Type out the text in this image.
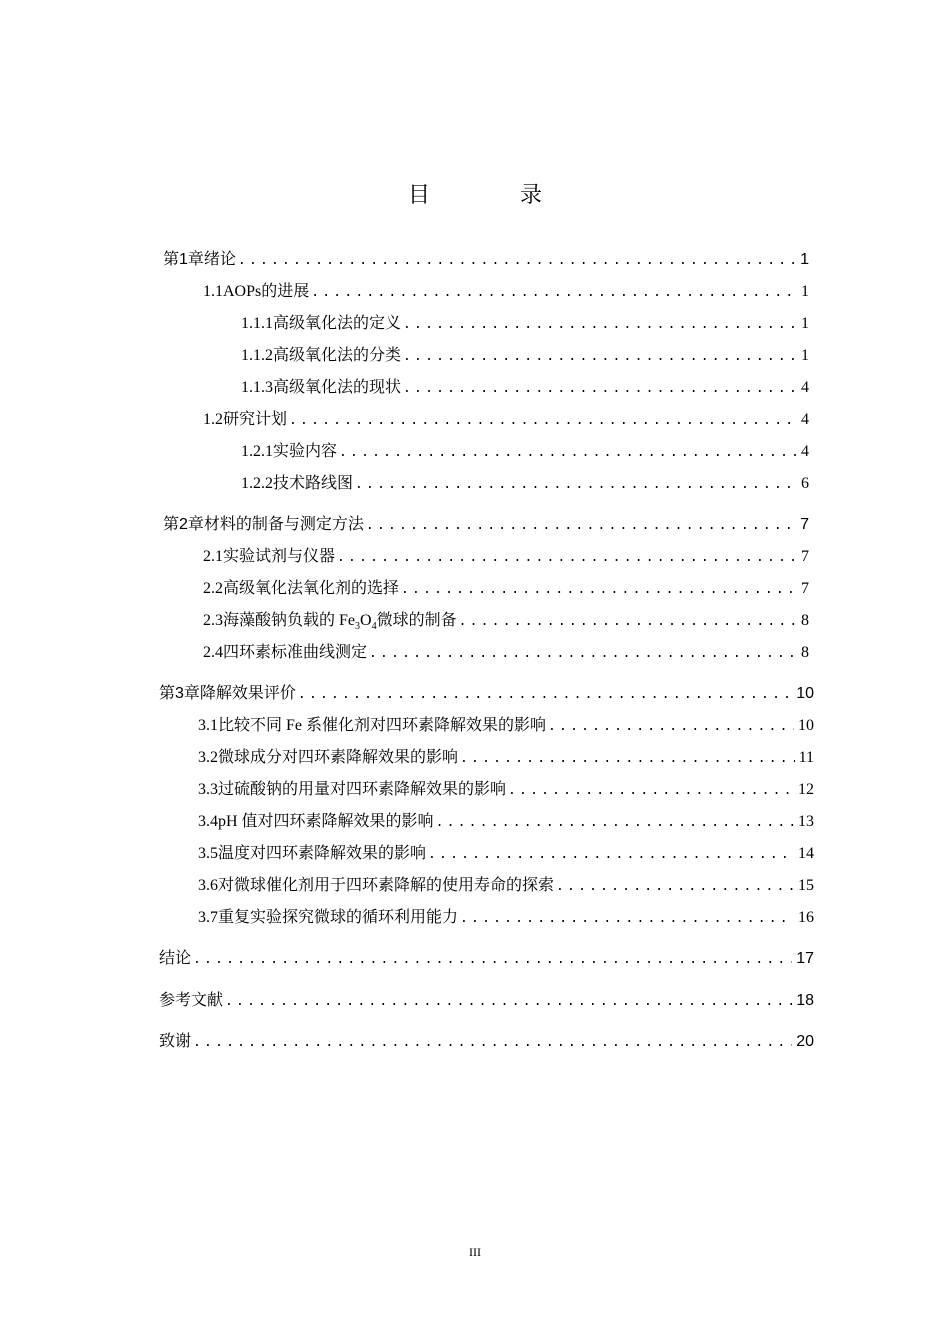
目 录
第1章 绪论 .....	1
1.1 AOPs的进展 .....	1
1.1.1 高级氧化法的定义 .....	1
1.1.2 高级氧化法的分类 .....	1
1.1.3 高级氧化法的现状 .....	4
1.2 研究计划 .....	4
1.2.1 实验内容 .....	4
1.2.2 技术路线图 .....	6
第2章 材料的制备与测定方法 .....	7
2.1 实验试剂与仪器 .....	7
2.2 高级氧化法氧化剂的选择 .....	7
2.3 海藻酸钠负载的 $Fe_3O_4$微球的制备 .....	8
2.4 四环素标准曲线测定 .....	8
第3章 降解效果评价 .....	10
3.1 比较不同 Fe 系催化剂对四环素降解效果的影响 .....	10
3.2 微球成分对四环素降解效果的影响 .....	11
3.3 过硫酸钠的用量对四环素降解效果的影响 .....	12
3.4 pH 值对四环素降解效果的影响 .....	13
3.5 温度对四环素降解效果的影响 .....	14
3.6 对微球催化剂用于四环素降解的使用寿命的探索 .....	15
3.7 重复实验探究微球的循环利用能力 .....	16
结论 .....	17
参考文献 .....	18
致谢 .....	20
III
